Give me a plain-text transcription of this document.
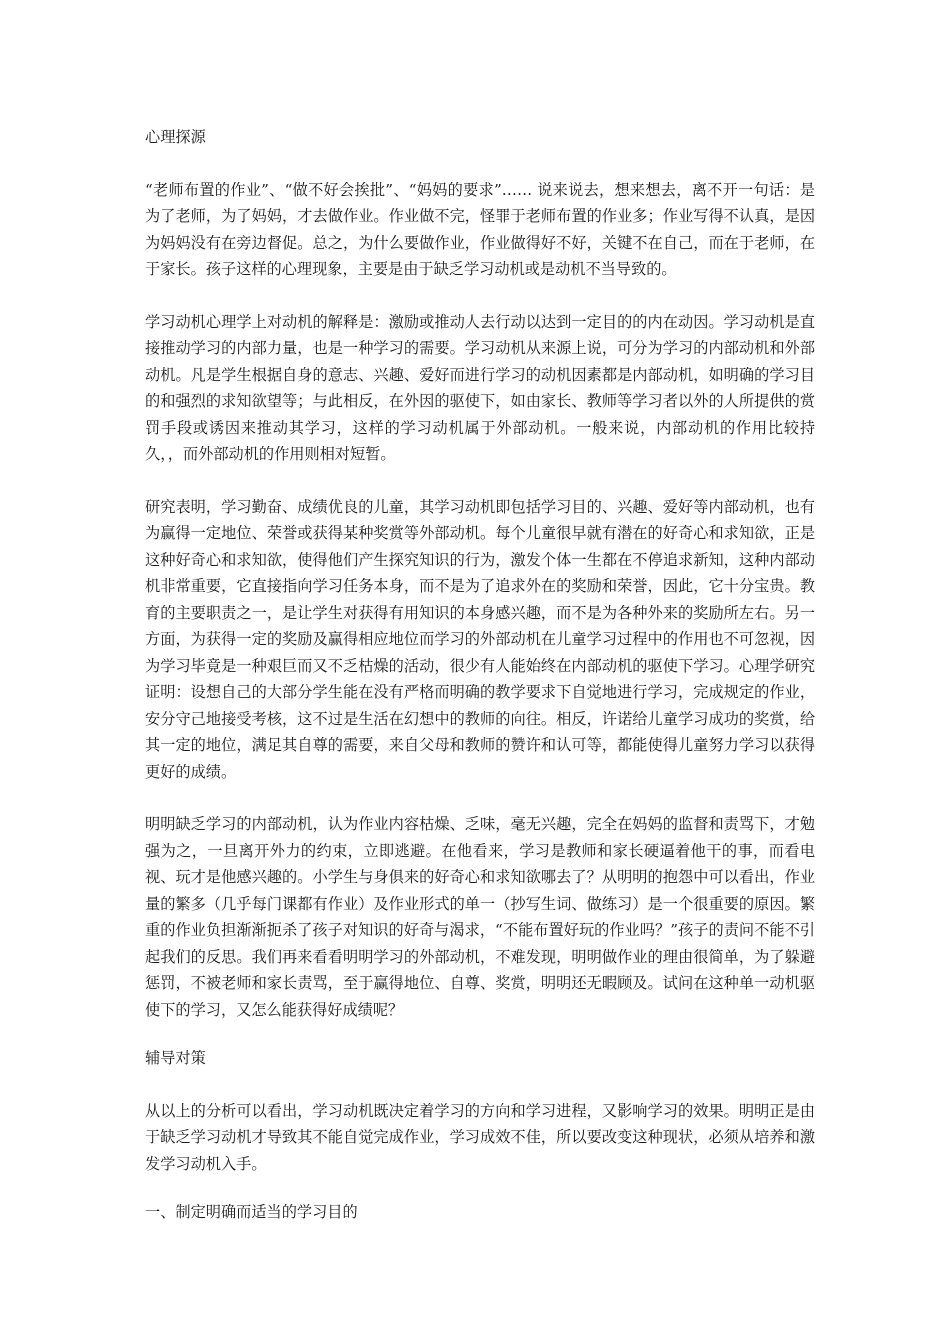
心理探源

“老师布置的作业”、“做不好会挨批”、“妈妈的要求”…… 说来说去，想来想去，离不开一句话：是为了老师，为了妈妈，才去做作业。作业做不完，怪罪于老师布置的作业多；作业写得不认真，是因为妈妈没有在旁边督促。总之，为什么要做作业，作业做得好不好，关键不在自己，而在于老师，在于家长。孩子这样的心理现象，主要是由于缺乏学习动机或是动机不当导致的。

学习动机心理学上对动机的解释是：激励或推动人去行动以达到一定目的的内在动因。学习动机是直接推动学习的内部力量，也是一种学习的需要。学习动机从来源上说，可分为学习的内部动机和外部动机。凡是学生根据自身的意志、兴趣、爱好而进行学习的动机因素都是内部动机，如明确的学习目的和强烈的求知欲望等；与此相反，在外因的驱使下，如由家长、教师等学习者以外的人所提供的赏罚手段或诱因来推动其学习，这样的学习动机属于外部动机。一般来说，内部动机的作用比较持久，，而外部动机的作用则相对短暂。

研究表明，学习勤奋、成绩优良的儿童，其学习动机即包括学习目的、兴趣、爱好等内部动机，也有为赢得一定地位、荣誉或获得某种奖赏等外部动机。每个儿童很早就有潜在的好奇心和求知欲，正是这种好奇心和求知欲，使得他们产生探究知识的行为，激发个体一生都在不停追求新知，这种内部动机非常重要，它直接指向学习任务本身，而不是为了追求外在的奖励和荣誉，因此，它十分宝贵。教育的主要职责之一，是让学生对获得有用知识的本身感兴趣，而不是为各种外来的奖励所左右。另一方面，为获得一定的奖励及赢得相应地位而学习的外部动机在儿童学习过程中的作用也不可忽视，因为学习毕竟是一种艰巨而又不乏枯燥的活动，很少有人能始终在内部动机的驱使下学习。心理学研究证明：设想自己的大部分学生能在没有严格而明确的教学要求下自觉地进行学习，完成规定的作业，安分守己地接受考核，这不过是生活在幻想中的教师的向往。相反，许诺给儿童学习成功的奖赏，给其一定的地位，满足其自尊的需要，来自父母和教师的赞许和认可等，都能使得儿童努力学习以获得更好的成绩。

明明缺乏学习的内部动机，认为作业内容枯燥、乏味，毫无兴趣，完全在妈妈的监督和责骂下，才勉强为之，一旦离开外力的约束，立即逃避。在他看来，学习是教师和家长硬逼着他干的事，而看电视、玩才是他感兴趣的。小学生与身俱来的好奇心和求知欲哪去了？从明明的抱怨中可以看出，作业量的繁多（几乎每门课都有作业）及作业形式的单一（抄写生词、做练习）是一个很重要的原因。繁重的作业负担渐渐扼杀了孩子对知识的好奇与渴求，“不能布置好玩的作业吗？”孩子的责问不能不引起我们的反思。我们再来看看明明学习的外部动机，不难发现，明明做作业的理由很简单，为了躲避惩罚，不被老师和家长责骂，至于赢得地位、自尊、奖赏，明明还无暇顾及。试问在这种单一动机驱使下的学习，又怎么能获得好成绩呢？

辅导对策

从以上的分析可以看出，学习动机既决定着学习的方向和学习进程，又影响学习的效果。明明正是由于缺乏学习动机才导致其不能自觉完成作业，学习成效不佳，所以要改变这种现状，必须从培养和激发学习动机入手。

一、制定明确而适当的学习目的
